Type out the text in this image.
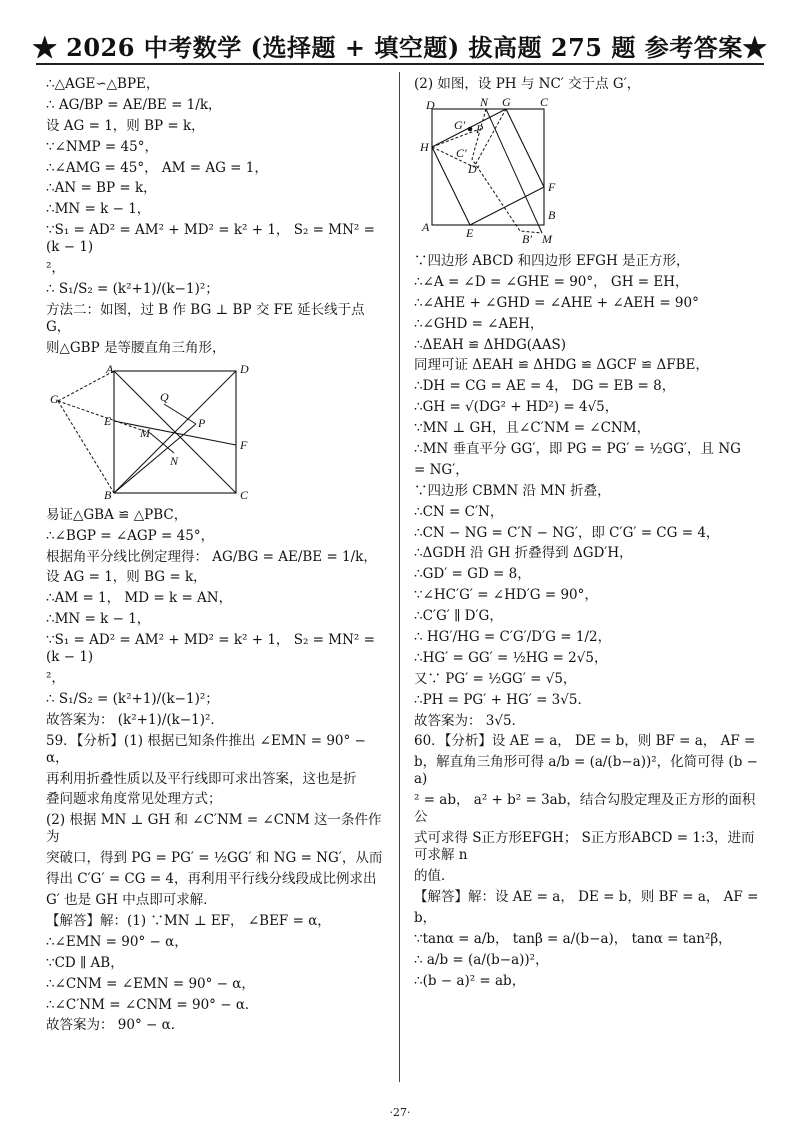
★ 2026 中考数学 (选择题 + 填空题) 拔高题 275 题 参考答案★
∴△AGE∽△BPE，
∴ AG/BP = AE/BE = 1/k，
设 AG = 1，则 BP = k，
∵∠NMP = 45°，
∴∠AMG = 45°， AM = AG = 1，
∴AN = BP = k，
∴MN = k − 1，
∵S₁ = AD² = AM² + MD² = k² + 1， S₂ = MN² = (k − 1)
²，
∴ S₁/S₂ = (k²+1)/(k−1)²；
方法二：如图，过 B 作 BG ⊥ BP 交 FE 延长线于点 G，
则△GBP 是等腰直角三角形，
A	D
G	Q
E
M
P
F
N
B	C
易证△GBA ≌ △PBC，
∴∠BGP = ∠AGP = 45°，
根据角平分线比例定理得： AG/BG = AE/BE = 1/k，
设 AG = 1，则 BG = k，
∴AM = 1， MD = k = AN，
∴MN = k − 1，
∵S₁ = AD² = AM² + MD² = k² + 1， S₂ = MN² = (k − 1)
²，
∴ S₁/S₂ = (k²+1)/(k−1)²；
故答案为： (k²+1)/(k−1)²．
59．【分析】(1) 根据已知条件推出 ∠EMN = 90° − α，
再利用折叠性质以及平行线即可求出答案，这也是折
叠问题求角度常见处理方式；
(2) 根据 MN ⊥ GH 和 ∠C′NM = ∠CNM 这一条件作为
突破口，得到 PG = PG′ = ½GG′ 和 NG = NG′，从而
得出 C′G′ = CG = 4，再利用平行线分线段成比例求出
G′ 也是 GH 中点即可求解．
【解答】解：(1) ∵MN ⊥ EF， ∠BEF = α，
∴∠EMN = 90° − α，
∵CD ∥ AB，
∴∠CNM = ∠EMN = 90° − α，
∴∠C′NM = ∠CNM = 90° − α．
故答案为： 90° − α．
(2) 如图，设 PH 与 NC′ 交于点 G′，
D	N G C
G′ P
H C′
D′
F
B
A	E	B′ M
∵四边形 ABCD 和四边形 EFGH 是正方形，
∴∠A = ∠D = ∠GHE = 90°， GH = EH，
∴∠AHE + ∠GHD = ∠AHE + ∠AEH = 90°
∴∠GHD = ∠AEH，
∴ΔEAH ≌ ΔHDG(AAS)
同理可证 ΔEAH ≌ ΔHDG ≌ ΔGCF ≌ ΔFBE，
∴DH = CG = AE = 4， DG = EB = 8，
∴GH = √(DG² + HD²) = 4√5，
∵MN ⊥ GH，且∠C′NM = ∠CNM，
∴MN 垂直平分 GG′，即 PG = PG′ = ½GG′，且 NG
= NG′，
∵四边形 CBMN 沿 MN 折叠，
∴CN = C′N，
∴CN − NG = C′N − NG′，即 C′G′ = CG = 4，
∴ΔGDH 沿 GH 折叠得到 ΔGD′H，
∴GD′ = GD = 8，
∵∠HC′G′ = ∠HD′G = 90°，
∴C′G′ ∥ D′G，
∴ HG′/HG = C′G′/D′G = 1/2，
∴HG′ = GG′ = ½HG = 2√5，
又∵ PG′ = ½GG′ = √5，
∴PH = PG′ + HG′ = 3√5．
故答案为： 3√5．
60．【分析】设 AE = a， DE = b，则 BF = a， AF =
b，解直角三角形可得 a/b = (a/(b−a))²，化简可得 (b − a)
² = ab， a² + b² = 3ab，结合勾股定理及正方形的面积公
式可求得 S正方形EFGH； S正方形ABCD = 1:3，进而可求解 n
的值．
【解答】解：设 AE = a， DE = b，则 BF = a， AF =
b，
∵tanα = a/b， tanβ = a/(b−a)， tanα = tan²β，
∴ a/b = (a/(b−a))²，
∴(b − a)² = ab，
·27·
